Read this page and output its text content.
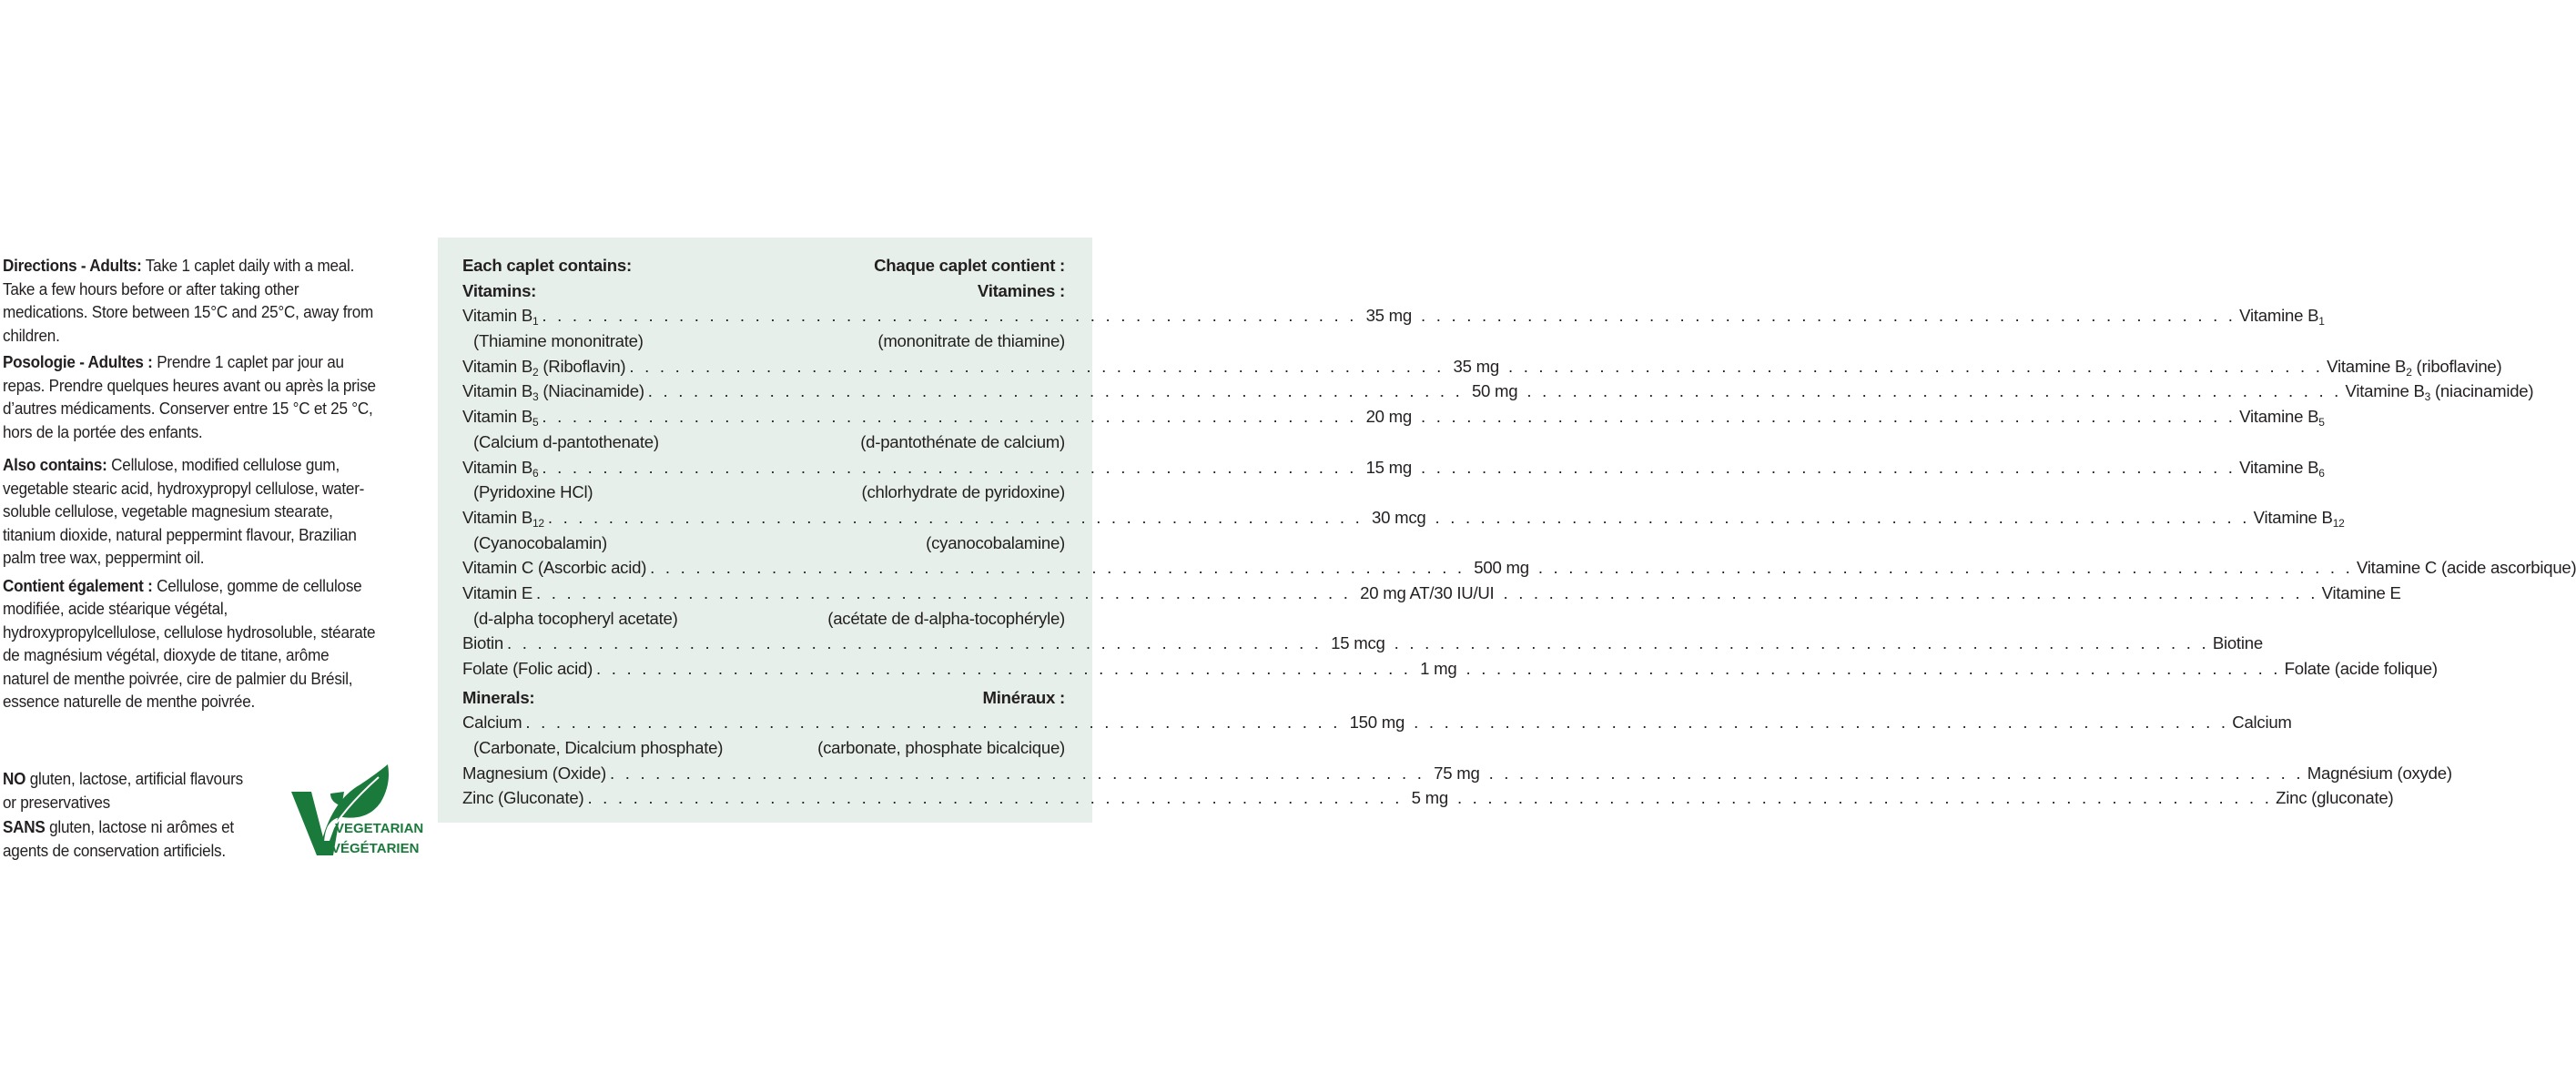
Directions - Adults: Take 1 caplet daily with a meal. Take a few hours before or after taking other medications. Store between 15°C and 25°C, away from children.

Posologie - Adultes : Prendre 1 caplet par jour au repas. Prendre quelques heures avant ou après la prise d’autres médicaments. Conserver entre 15 °C et 25 °C, hors de la portée des enfants.

Also contains: Cellulose, modified cellulose gum, vegetable stearic acid, hydroxypropyl cellulose, water-soluble cellulose, vegetable magnesium stearate, titanium dioxide, natural peppermint flavour, Brazilian palm tree wax, peppermint oil.

Contient également : Cellulose, gomme de cellulose modifiée, acide stéarique végétal, hydroxypropylcellulose, cellulose hydrosoluble, stéarate de magnésium végétal, dioxyde de titane, arôme naturel de menthe poivrée, cire de palmier du Brésil, essence naturelle de menthe poivrée.

NO gluten, lactose, artificial flavours or preservatives

SANS gluten, lactose ni arômes et agents de conservation artificiels.

VEGETARIAN
VÉGÉTARIEN
Each caplet contains:	Chaque caplet contient :
Vitamins:	Vitamines :
Vitamin $B_1$ . . . . . . . . . . . . . . . . . . . . . . . . . . . . . . . . . . . . . . . . . . . . . . . . . . . . . . 35 mg . . . . . . . . . . . . . . . . . . . . . . . . . . . . . . . . . . . . . . . . . . . . . . . . . . . . . . Vitamine $B_1$
(Thiamine mononitrate)	(mononitrate de thiamine)
Vitamin $B_2$ (Riboflavin) . . . . . . . . . . . . . . . . . . . . . . . . . . . . . . . . . . . . . . . . . . . . . . . . . . . . . . 35 mg . . . . . . . . . . . . . . . . . . . . . . . . . . . . . . . . . . . . . . . . . . . . . . . . . . . . . . Vitamine $B_2$ (riboflavine)
Vitamin $B_3$ (Niacinamide) . . . . . . . . . . . . . . . . . . . . . . . . . . . . . . . . . . . . . . . . . . . . . . . . . . . . . . 50 mg . . . . . . . . . . . . . . . . . . . . . . . . . . . . . . . . . . . . . . . . . . . . . . . . . . . . . . Vitamine $B_3$ (niacinamide)
Vitamin $B_5$ . . . . . . . . . . . . . . . . . . . . . . . . . . . . . . . . . . . . . . . . . . . . . . . . . . . . . . 20 mg . . . . . . . . . . . . . . . . . . . . . . . . . . . . . . . . . . . . . . . . . . . . . . . . . . . . . . Vitamine $B_5$
(Calcium d-pantothenate)	(d-pantothénate de calcium)
Vitamin $B_6$ . . . . . . . . . . . . . . . . . . . . . . . . . . . . . . . . . . . . . . . . . . . . . . . . . . . . . . 15 mg . . . . . . . . . . . . . . . . . . . . . . . . . . . . . . . . . . . . . . . . . . . . . . . . . . . . . . Vitamine $B_6$
(Pyridoxine HCl)	(chlorhydrate de pyridoxine)
Vitamin $B_{12}$ . . . . . . . . . . . . . . . . . . . . . . . . . . . . . . . . . . . . . . . . . . . . . . . . . . . . . . 30 mcg . . . . . . . . . . . . . . . . . . . . . . . . . . . . . . . . . . . . . . . . . . . . . . . . . . . . . . Vitamine $B_{12}$
(Cyanocobalamin)	(cyanocobalamine)
Vitamin C (Ascorbic acid) . . . . . . . . . . . . . . . . . . . . . . . . . . . . . . . . . . . . . . . . . . . . . . . . . . . . . . 500 mg . . . . . . . . . . . . . . . . . . . . . . . . . . . . . . . . . . . . . . . . . . . . . . . . . . . . . . Vitamine C (acide ascorbique)
Vitamin E . . . . . . . . . . . . . . . . . . . . . . . . . . . . . . . . . . . . . . . . . . . . . . . . . . . . . . 20 mg AT/30 IU/UI . . . . . . . . . . . . . . . . . . . . . . . . . . . . . . . . . . . . . . . . . . . . . . . . . . . . . . Vitamine E
(d-alpha tocopheryl acetate)	(acétate de d-alpha-tocophéryle)
Biotin . . . . . . . . . . . . . . . . . . . . . . . . . . . . . . . . . . . . . . . . . . . . . . . . . . . . . . 15 mcg . . . . . . . . . . . . . . . . . . . . . . . . . . . . . . . . . . . . . . . . . . . . . . . . . . . . . . Biotine
Folate (Folic acid) . . . . . . . . . . . . . . . . . . . . . . . . . . . . . . . . . . . . . . . . . . . . . . . . . . . . . . 1 mg . . . . . . . . . . . . . . . . . . . . . . . . . . . . . . . . . . . . . . . . . . . . . . . . . . . . . . Folate (acide folique)
Minerals:	Minéraux :
Calcium . . . . . . . . . . . . . . . . . . . . . . . . . . . . . . . . . . . . . . . . . . . . . . . . . . . . . . 150 mg . . . . . . . . . . . . . . . . . . . . . . . . . . . . . . . . . . . . . . . . . . . . . . . . . . . . . . Calcium
(Carbonate, Dicalcium phosphate)	(carbonate, phosphate bicalcique)
Magnesium (Oxide) . . . . . . . . . . . . . . . . . . . . . . . . . . . . . . . . . . . . . . . . . . . . . . . . . . . . . . 75 mg . . . . . . . . . . . . . . . . . . . . . . . . . . . . . . . . . . . . . . . . . . . . . . . . . . . . . . Magnésium (oxyde)
Zinc (Gluconate) . . . . . . . . . . . . . . . . . . . . . . . . . . . . . . . . . . . . . . . . . . . . . . . . . . . . . . 5 mg . . . . . . . . . . . . . . . . . . . . . . . . . . . . . . . . . . . . . . . . . . . . . . . . . . . . . . Zinc (gluconate)
